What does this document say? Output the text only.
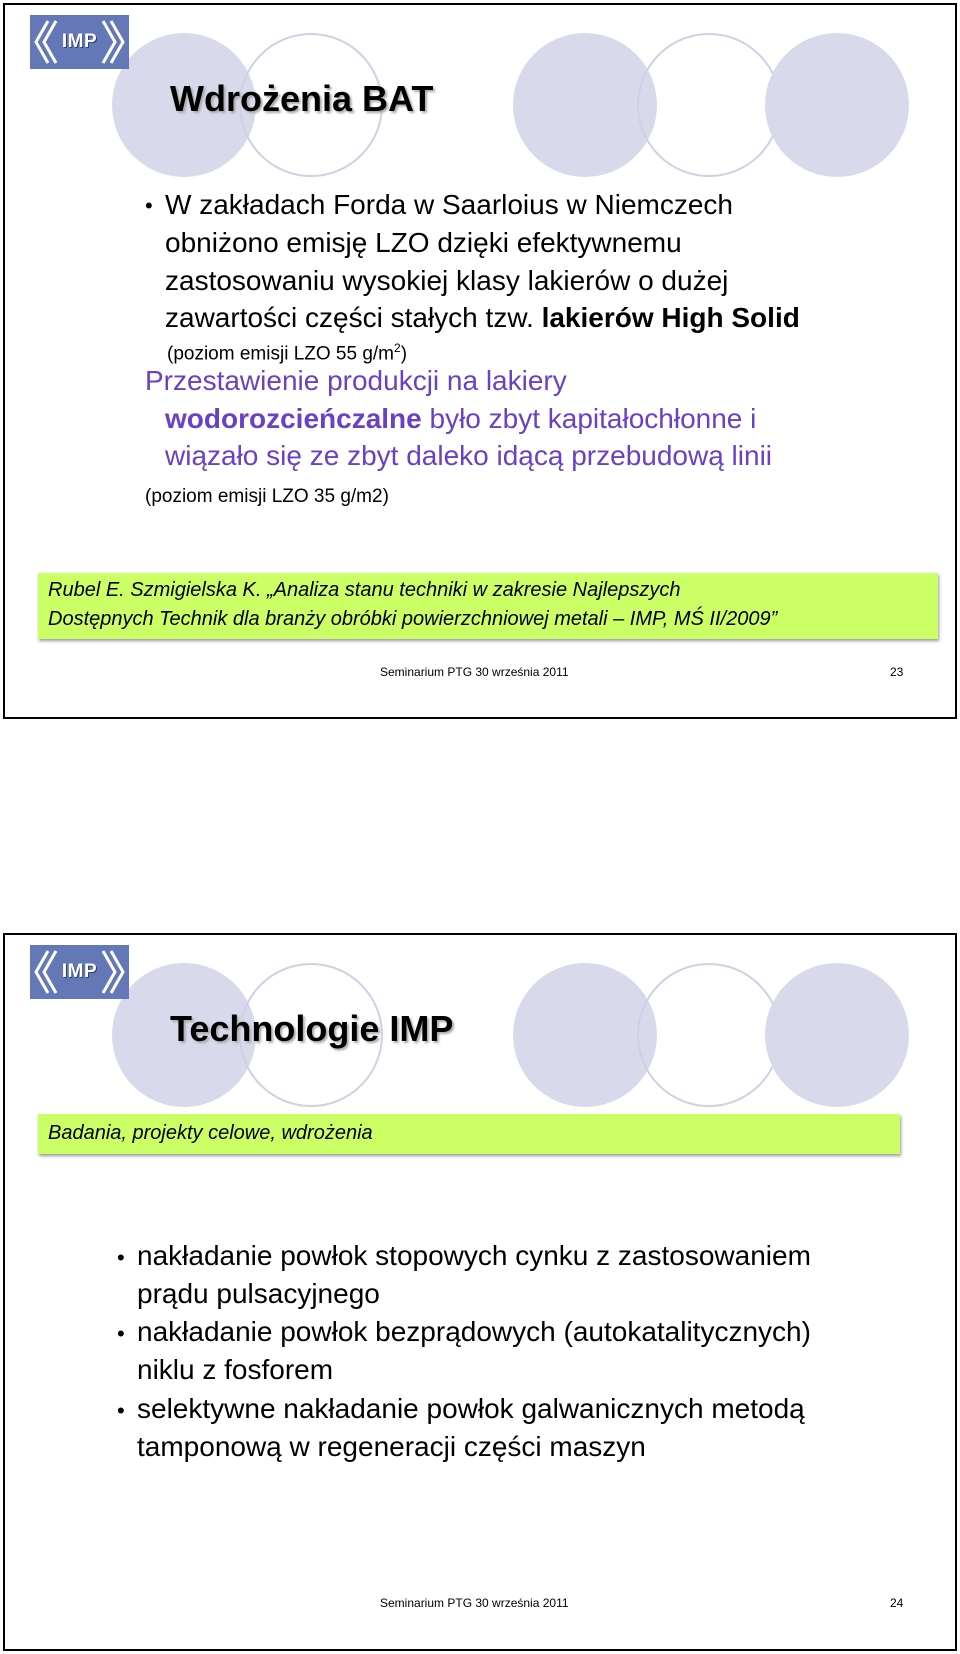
IMP
Wdrożenia BAT
• W zakładach Forda w Saarloius w Niemczech
obniżono emisję LZO dzięki efektywnemu
zastosowaniu wysokiej klasy lakierów o dużej
zawartości części stałych tzw. lakierów High Solid
(poziom emisji LZO 55 $g/m^2$)
Przestawienie produkcji na lakiery
wodorozcieńczalne było zbyt kapitałochłonne i
wiązało się ze zbyt daleko idącą przebudową linii
(poziom emisji LZO 35 g/m2)
Rubel E. Szmigielska K. „Analiza stanu techniki w zakresie Najlepszych
Dostępnych Technik dla branży obróbki powierzchniowej metali – IMP, MŚ II/2009”
Seminarium PTG 30 września 2011	23
IMP
Technologie IMP
Badania, projekty celowe, wdrożenia
• nakładanie powłok stopowych cynku z zastosowaniem
prądu pulsacyjnego
• nakładanie powłok bezprądowych (autokatalitycznych)
niklu z fosforem
• selektywne nakładanie powłok galwanicznych metodą
tamponową w regeneracji części maszyn
Seminarium PTG 30 września 2011	24
